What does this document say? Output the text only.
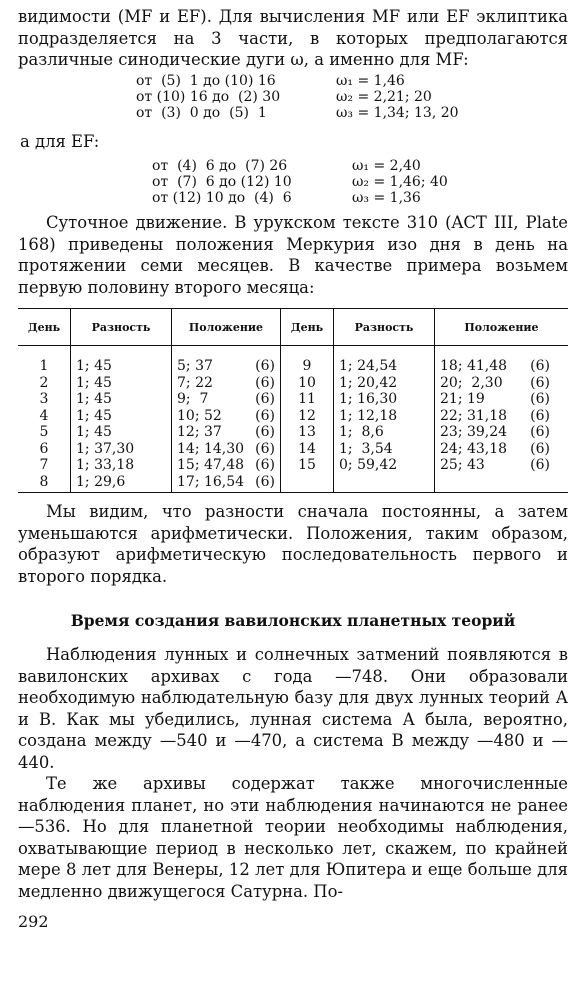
видимости (MF и EF). Для вычисления MF или EF эклиптика подразделяется на 3 части, в которых предполагаются различные синодические дуги ω, а именно для MF:

от  (5)  1 до (10) 16	ω₁ = 1,46
от (10) 16 до  (2) 30	ω₂ = 2,21; 20
от  (3)  0 до  (5)  1	ω₃ = 1,34; 13, 20

а для EF:

от  (4)  6 до  (7) 26	ω₁ = 2,40
от  (7)  6 до (12) 10	ω₂ = 1,46; 40
от (12) 10 до  (4)  6	ω₃ = 1,36

Суточное движение. В урукском тексте 310 (ACT III, Plate 168) приведены положения Меркурия изо дня в день на протяжении семи месяцев. В качестве примера возьмем первую половину второго месяца:

День	Разность	Положение	День	Разность	Положение

1	1; 45	5; 37 (6)	9	1; 24,54	18; 41,48 (6)

2	1; 45	7; 22 (6)	10	1; 20,42	20;  2,30 (6)

3	1; 45	9;  7 (6)	11	1; 16,30	21; 19 (6)

4	1; 45	10; 52 (6)	12	1; 12,18	22; 31,18 (6)

5	1; 45	12; 37 (6)	13	1;  8,6	23; 39,24 (6)

6	1; 37,30	14; 14,30 (6)	14	1;  3,54	24; 43,18 (6)

7	1; 33,18	15; 47,48 (6)	15	0; 59,42	25; 43 (6)

8	1; 29,6	17; 16,54 (6)			

Мы видим, что разности сначала постоянны, а затем уменьшаются арифметически. Положения, таким образом, образуют арифметическую последовательность первого и второго порядка.

Время создания вавилонских планетных теорий

Наблюдения лунных и солнечных затмений появляются в вавилонских архивах с года —748. Они образовали необходимую наблюдательную базу для двух лунных теорий А и В. Как мы убедились, лунная система А была, вероятно, создана между —540 и —470, а система В между —480 и —440.

Те же архивы содержат также многочисленные наблюдения планет, но эти наблюдения начинаются не ранее —536. Но для планетной теории необходимы наблюдения, охватывающие период в несколько лет, скажем, по крайней мере 8 лет для Венеры, 12 лет для Юпитера и еще больше для медленно движущегося Сатурна. По-

292
